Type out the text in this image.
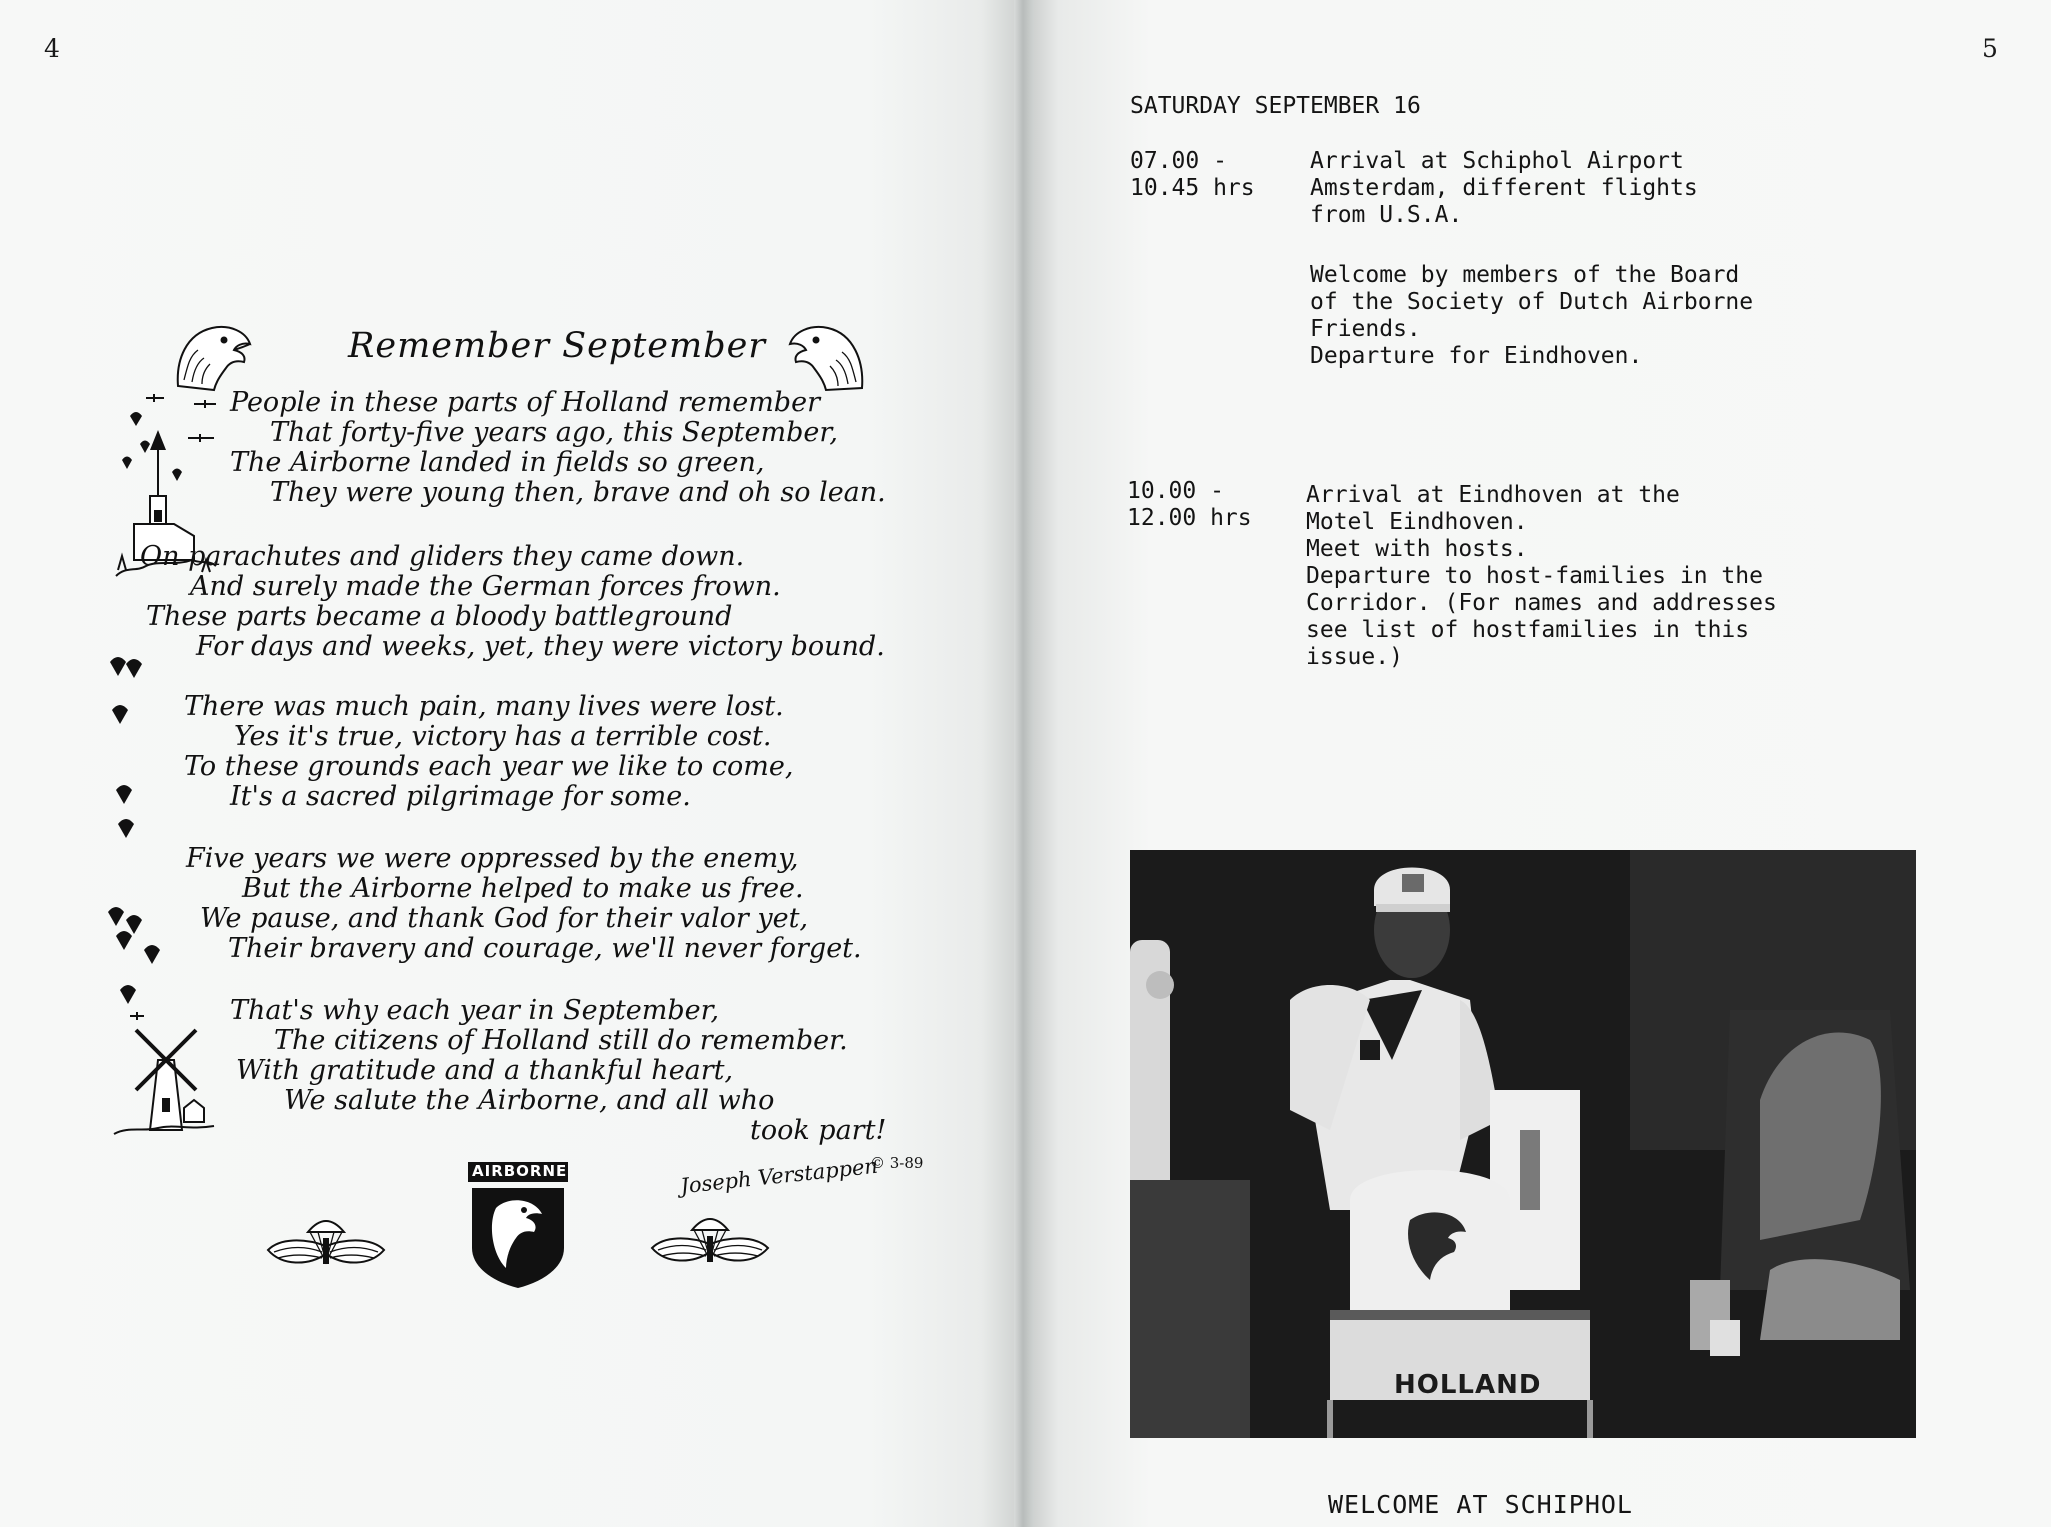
4	5
Remember September
People in these parts of Holland remember
That forty-five years ago, this September,
The Airborne landed in fields so green,
They were young then, brave and oh so lean.
On parachutes and gliders they came down.
And surely made the German forces frown.
These parts became a bloody battleground
For days and weeks, yet, they were victory bound.
There was much pain, many lives were lost.
Yes it's true, victory has a terrible cost.
To these grounds each year we like to come,
It's a sacred pilgrimage for some.
Five years we were oppressed by the enemy,
But the Airborne helped to make us free.
We pause, and thank God for their valor yet,
Their bravery and courage, we'll never forget.
That's why each year in September,
The citizens of Holland still do remember.
With gratitude and a thankful heart,
We salute the Airborne, and all who
took part!
Joseph Verstappen
© 3-89
AIRBORNE
SATURDAY SEPTEMBER 16
07.00 -
10.45 hrs
Arrival at Schiphol Airport
Amsterdam, different flights
from U.S.A.
Welcome by members of the Board
of the Society of Dutch Airborne
Friends.
Departure for Eindhoven.
10.00 -
12.00 hrs
Arrival at Eindhoven at the
Motel Eindhoven.
Meet with hosts.
Departure to host-families in the
Corridor. (For names and addresses
see list of hostfamilies in this
issue.)
HOLLAND
WELCOME AT SCHIPHOL
